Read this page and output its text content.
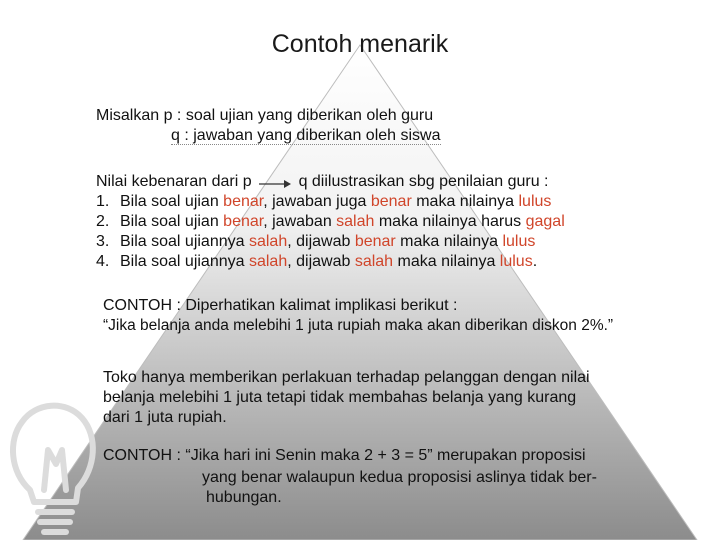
Contoh menarik
Misalkan p : soal ujian yang diberikan oleh guru
q : jawaban yang diberikan oleh siswa
Nilai kebenaran dari p	q diilustrasikan sbg penilaian guru :
1. Bila soal ujian benar, jawaban juga benar maka nilainya lulus
2. Bila soal ujian benar, jawaban salah maka nilainya harus gagal
3. Bila soal ujiannya salah, dijawab benar maka nilainya lulus
4. Bila soal ujiannya salah, dijawab salah maka nilainya lulus.
CONTOH : Diperhatikan kalimat implikasi berikut :
“Jika belanja anda melebihi 1 juta rupiah maka akan diberikan diskon 2%.”
Toko hanya memberikan perlakuan terhadap pelanggan dengan nilai
belanja melebihi 1 juta tetapi tidak membahas belanja yang kurang
dari 1 juta rupiah.
CONTOH : “Jika hari ini Senin maka 2 + 3 = 5” merupakan proposisi
yang benar walaupun kedua proposisi aslinya tidak ber-
hubungan.
